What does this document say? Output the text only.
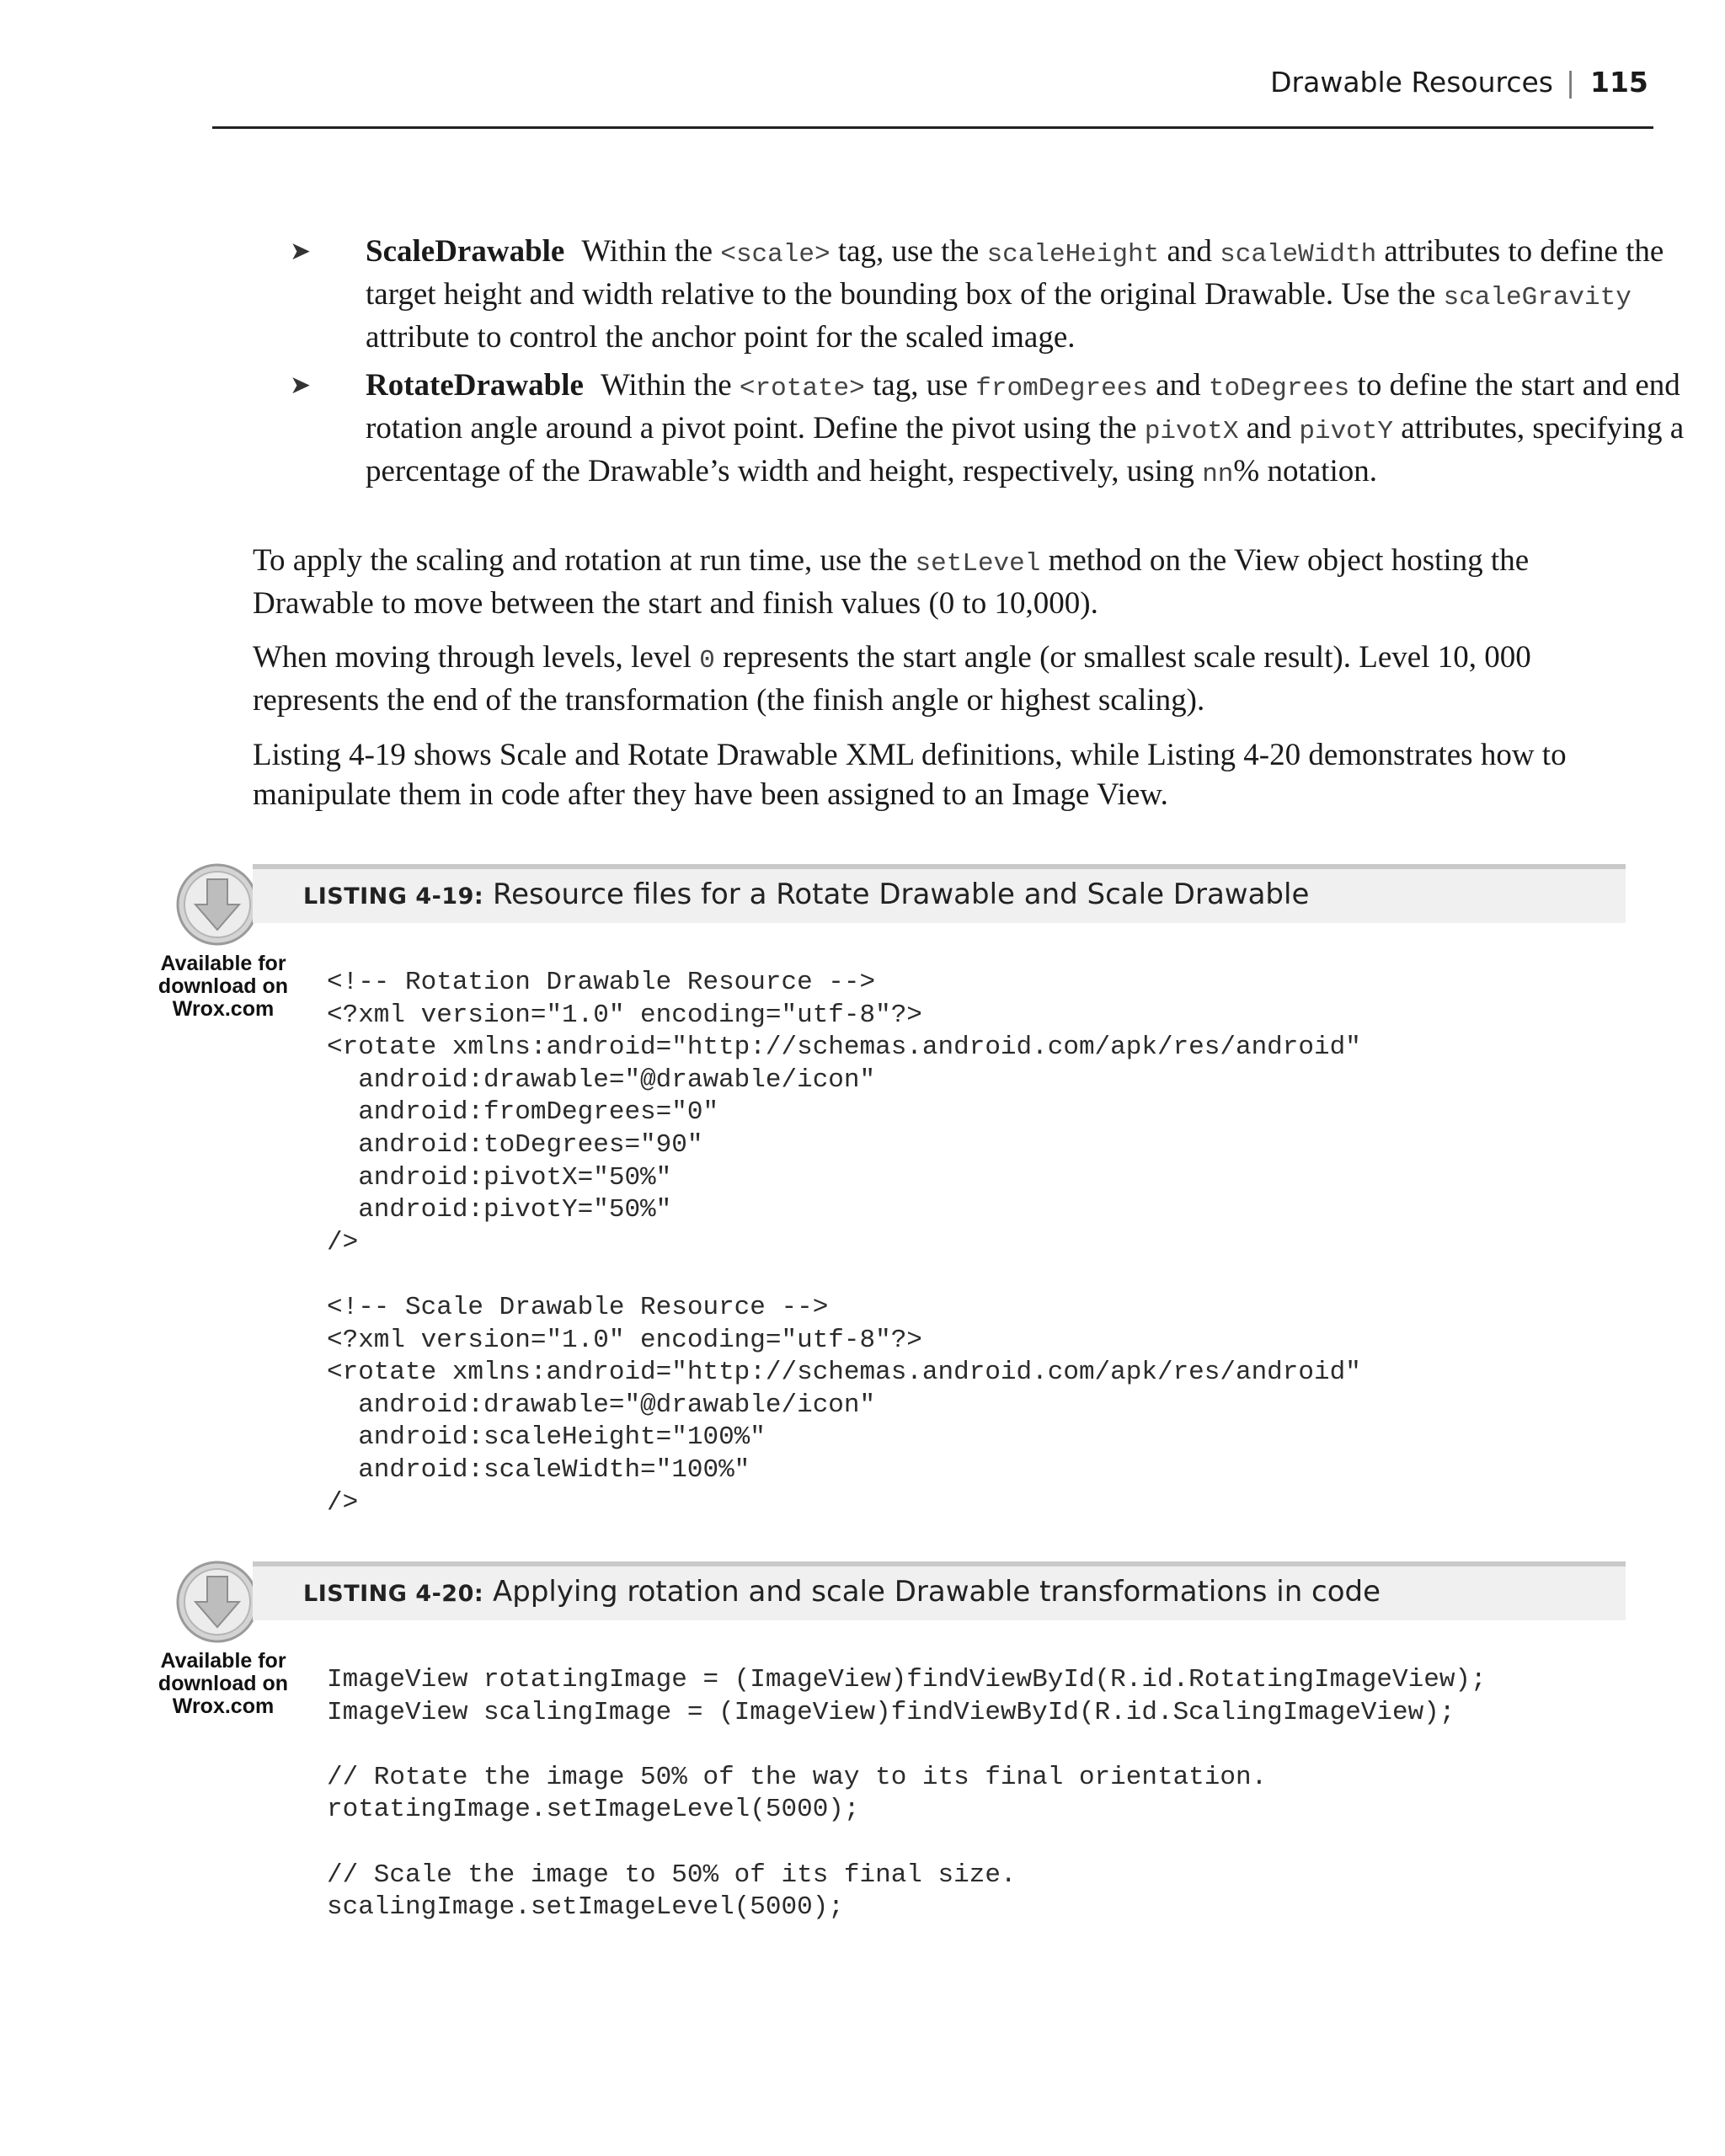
Drawable Resources | 115
➤ ScaleDrawable Within the <scale> tag, use the scaleHeight and scaleWidth attributes to define the target height and width relative to the bounding box of the original Drawable. Use the scaleGravity attribute to control the anchor point for the scaled image.
➤ RotateDrawable Within the <rotate> tag, use fromDegrees and toDegrees to define the start and end rotation angle around a pivot point. Define the pivot using the pivotX and pivotY attributes, specifying a percentage of the Drawable’s width and height, respectively, using nn% notation.
To apply the scaling and rotation at run time, use the setLevel method on the View object hosting the Drawable to move between the start and finish values (0 to 10,000).
When moving through levels, level 0 represents the start angle (or smallest scale result). Level 10, 000 represents the end of the transformation (the finish angle or highest scaling).
Listing 4-19 shows Scale and Rotate Drawable XML definitions, while Listing 4-20 demonstrates how to manipulate them in code after they have been assigned to an Image View.
LISTING 4-19: Resource files for a Rotate Drawable and Scale Drawable
Available for
download on
Wrox.com
<!-- Rotation Drawable Resource -->
<?xml version="1.0" encoding="utf-8"?>
<rotate xmlns:android="http://schemas.android.com/apk/res/android"
android:drawable="@drawable/icon"
android:fromDegrees="0"
android:toDegrees="90"
android:pivotX="50%"
android:pivotY="50%"
/>

<!-- Scale Drawable Resource -->
<?xml version="1.0" encoding="utf-8"?>
<rotate xmlns:android="http://schemas.android.com/apk/res/android"
android:drawable="@drawable/icon"
android:scaleHeight="100%"
android:scaleWidth="100%"
/>
LISTING 4-20: Applying rotation and scale Drawable transformations in code
Available for
download on
Wrox.com
ImageView rotatingImage = (ImageView)findViewById(R.id.RotatingImageView);
ImageView scalingImage = (ImageView)findViewById(R.id.ScalingImageView);

// Rotate the image 50% of the way to its final orientation.
rotatingImage.setImageLevel(5000);

// Scale the image to 50% of its final size.
scalingImage.setImageLevel(5000);
